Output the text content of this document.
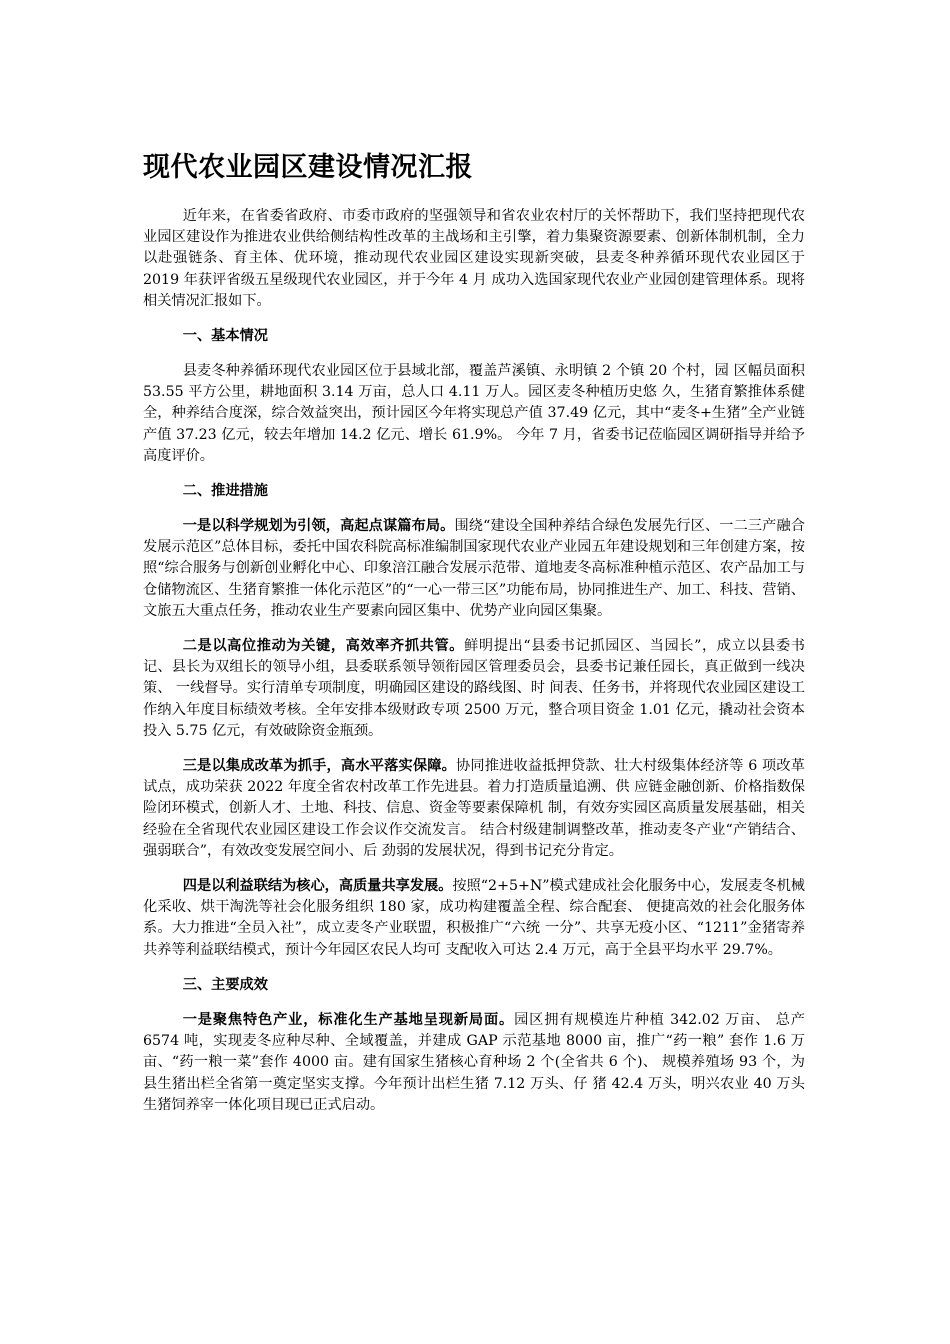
现代农业园区建设情况汇报

近年来，在省委省政府、市委市政府的坚强领导和省农业农村厅的关怀帮助下，我们坚持把现代农业园区建设作为推进农业供给侧结构性改革的主战场和主引擎，着力集聚资源要素、创新体制机制，全力以赴强链条、育主体、优环境，推动现代农业园区建设实现新突破，县麦冬种养循环现代农业园区于 2019 年获评省级五星级现代农业园区，并于今年 4 月 成功入选国家现代农业产业园创建管理体系。现将相关情况汇报如下。

一、基本情况

县麦冬种养循环现代农业园区位于县域北部，覆盖芦溪镇、永明镇 2 个镇 20 个村，园 区幅员面积 53.55 平方公里，耕地面积 3.14 万亩，总人口 4.11 万人。园区麦冬种植历史悠 久，生猪育繁推体系健全，种养结合度深，综合效益突出，预计园区今年将实现总产值 37.49 亿元，其中“麦冬+生猪”全产业链产值 37.23 亿元，较去年增加 14.2 亿元、增长 61.9%。 今年 7 月，省委书记莅临园区调研指导并给予高度评价。

二、推进措施

一是以科学规划为引领，高起点谋篇布局。围绕“建设全国种养结合绿色发展先行区、一二三产融合发展示范区”总体目标，委托中国农科院高标准编制国家现代农业产业园五年建设规划和三年创建方案，按照“综合服务与创新创业孵化中心、印象涪江融合发展示范带、道地麦冬高标准种植示范区、农产品加工与仓储物流区、生猪育繁推一体化示范区”的“一心一带三区”功能布局，协同推进生产、加工、科技、营销、文旅五大重点任务，推动农业生产要素向园区集中、优势产业向园区集聚。

二是以高位推动为关键，高效率齐抓共管。鲜明提出“县委书记抓园区、当园长”，成立以县委书记、县长为双组长的领导小组，县委联系领导领衔园区管理委员会，县委书记兼任园长，真正做到一线决策、 一线督导。实行清单专项制度，明确园区建设的路线图、时 间表、任务书，并将现代农业园区建设工作纳入年度目标绩效考核。全年安排本级财政专项 2500 万元，整合项目资金 1.01 亿元，撬动社会资本投入 5.75 亿元，有效破除资金瓶颈。

三是以集成改革为抓手，高水平落实保障。协同推进收益抵押贷款、壮大村级集体经济等 6 项改革试点，成功荣获 2022 年度全省农村改革工作先进县。着力打造质量追溯、供 应链金融创新、价格指数保险闭环模式，创新人才、土地、科技、信息、资金等要素保障机 制，有效夯实园区高质量发展基础，相关经验在全省现代农业园区建设工作会议作交流发言。 结合村级建制调整改革，推动麦冬产业“产销结合、强弱联合”，有效改变发展空间小、后 劲弱的发展状况，得到书记充分肯定。

四是以利益联结为核心，高质量共享发展。按照“2+5+N”模式建成社会化服务中心，发展麦冬机械化采收、烘干淘洗等社会化服务组织 180 家，成功构建覆盖全程、综合配套、 便捷高效的社会化服务体系。大力推进“全员入社”，成立麦冬产业联盟，积极推广“六统 一分”、共享无疫小区、“1211”金猪寄养共养等利益联结模式，预计今年园区农民人均可 支配收入可达 2.4 万元，高于全县平均水平 29.7%。

三、主要成效

一是聚焦特色产业，标准化生产基地呈现新局面。园区拥有规模连片种植 342.02 万亩、 总产 6574 吨，实现麦冬应种尽种、全域覆盖，并建成 GAP 示范基地 8000 亩，推广“药一粮” 套作 1.6 万亩、“药一粮一菜”套作 4000 亩。建有国家生猪核心育种场 2 个(全省共 6 个)、 规模养殖场 93 个，为县生猪出栏全省第一奠定坚实支撑。今年预计出栏生猪 7.12 万头、仔 猪 42.4 万头，明兴农业 40 万头生猪饲养宰一体化项目现已正式启动。
